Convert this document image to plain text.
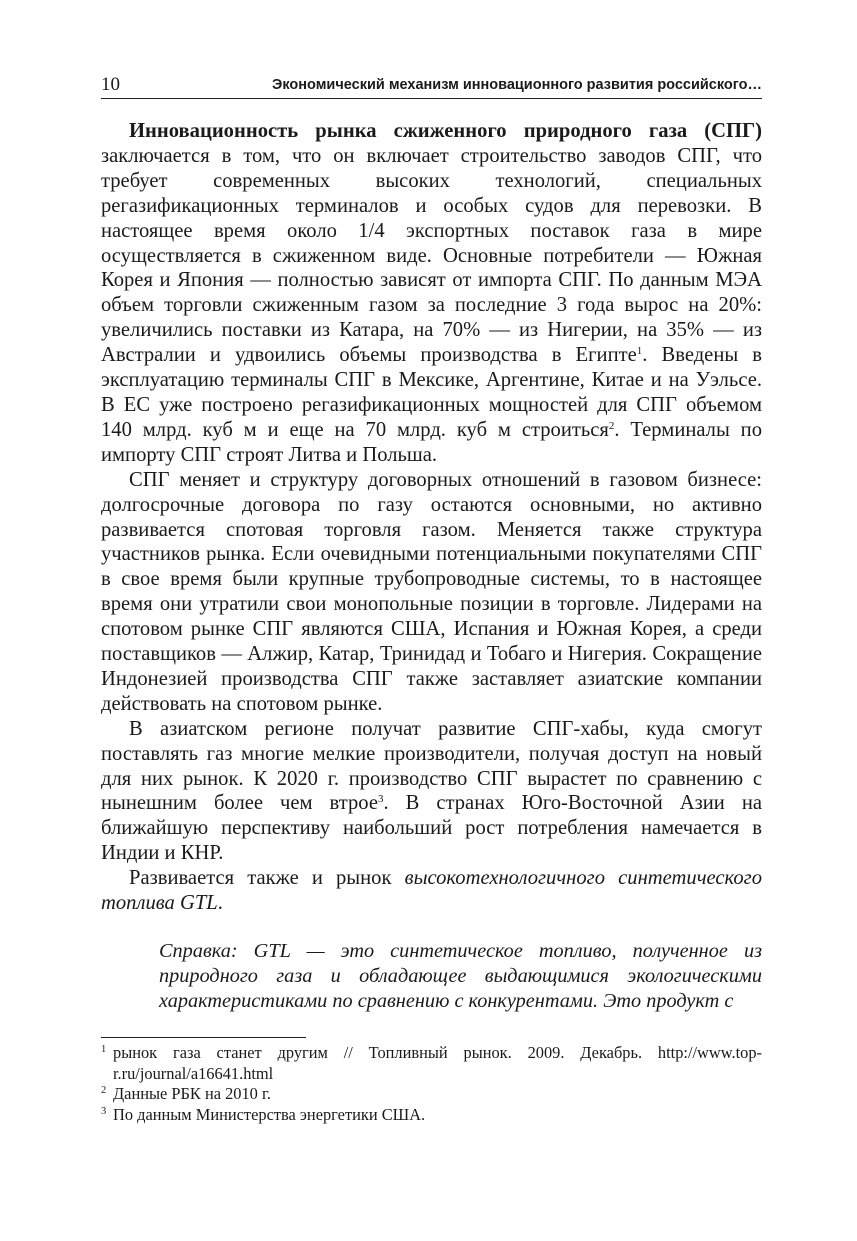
10	Экономический механизм инновационного развития российского…

Инновационность рынка сжиженного природного газа (СПГ) заключается в том, что он включает строительство заводов СПГ, что требует современных высоких технологий, специальных регазификационных терминалов и особых судов для перевозки. В настоящее время около 1/4 экспортных поставок газа в мире осуществляется в сжиженном виде. Основные потребители — Южная Корея и Япония — полностью зависят от импорта СПГ. По данным МЭА объем торговли сжиженным газом за последние 3 года вырос на 20%: увеличились поставки из Катара, на 70% — из Нигерии, на 35% — из Австралии и удвоились объемы производства в Египте$^1$. Введены в эксплуатацию терминалы СПГ в Мексике, Аргентине, Китае и на Уэльсе. В ЕС уже построено регазификационных мощностей для СПГ объемом 140 млрд. куб м и еще на 70 млрд. куб м строиться$^2$. Терминалы по импорту СПГ строят Литва и Польша.

СПГ меняет и структуру договорных отношений в газовом бизнесе: долгосрочные договора по газу остаются основными, но активно развивается спотовая торговля газом. Меняется также структура участников рынка. Если очевидными потенциальными покупателями СПГ в свое время были крупные трубопроводные системы, то в настоящее время они утратили свои монопольные позиции в торговле. Лидерами на спотовом рынке СПГ являются США, Испания и Южная Корея, а среди поставщиков — Алжир, Катар, Тринидад и Тобаго и Нигерия. Сокращение Индонезией производства СПГ также заставляет азиатские компании действовать на спотовом рынке.

В азиатском регионе получат развитие СПГ-хабы, куда смогут поставлять газ многие мелкие производители, получая доступ на новый для них рынок. К 2020 г. производство СПГ вырастет по сравнению с нынешним более чем втрое$^3$. В странах Юго-Восточной Азии на ближайшую перспективу наибольший рост потребления намечается в Индии и КНР.

Развивается также и рынок высокотехнологичного синтетического топлива GTL.

Справка: GTL — это синтетическое топливо, полученное из природного газа и обладающее выдающимися экологическими характеристиками по сравнению с конкурентами. Это продукт с

1 рынок газа станет другим // Топливный рынок. 2009. Декабрь. http://www.top-r.ru/journal/a16641.html
2 Данные РБК на 2010 г.
3 По данным Министерства энергетики США.
